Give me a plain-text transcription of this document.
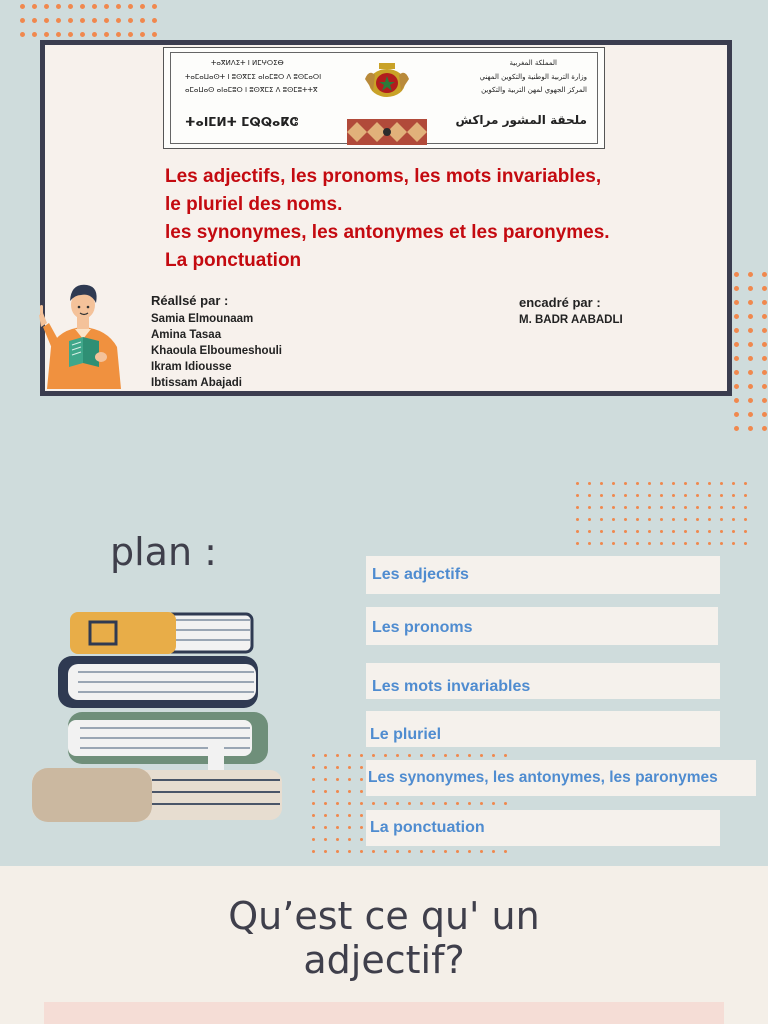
ⵜⴰⴳⵍⴷⵉⵜ ⵏ ⵍⵎⵖⵔⵉⴱ
ⵜⴰⵎⴰⵡⴰⵙⵜ ⵏ ⵓⵙⴳⵎⵉ ⴰⵏⴰⵎⵓⵔ ⴷ ⵓⵙⵎⴰⵔⵏ
ⴰⵎⴰⵡⴰⵙ ⴰⵏⴰⵎⵓⵔ ⵏ ⵓⵙⴳⵎⵉ ⴷ ⵓⵙⵎⵓⵜⵜⴳ
ⵜⴰⵏⵎⵍⵜ ⵎⵕⵕⴰⴽⵛ
المملكة المغربية
وزارة التربية الوطنية والتكوين المهني
المركز الجهوي لمهن التربية والتكوين
ملحقة المشور مراكش
Les adjectifs, les pronoms, les mots invariables,
le pluriel des noms.
les synonymes, les antonymes et les paronymes.
La ponctuation
Réallsé par :
Samia Elmounaam
Amina Tasaa
Khaoula Elboumeshouli
Ikram Idiousse
Ibtissam Abajadi
encadré par :
M. BADR AABADLI
plan :
Les adjectifs
Les pronoms
Les mots invariables
Le pluriel
Les synonymes, les antonymes, les paronymes
La ponctuation
Qu’est ce qu' un
adjectif?
